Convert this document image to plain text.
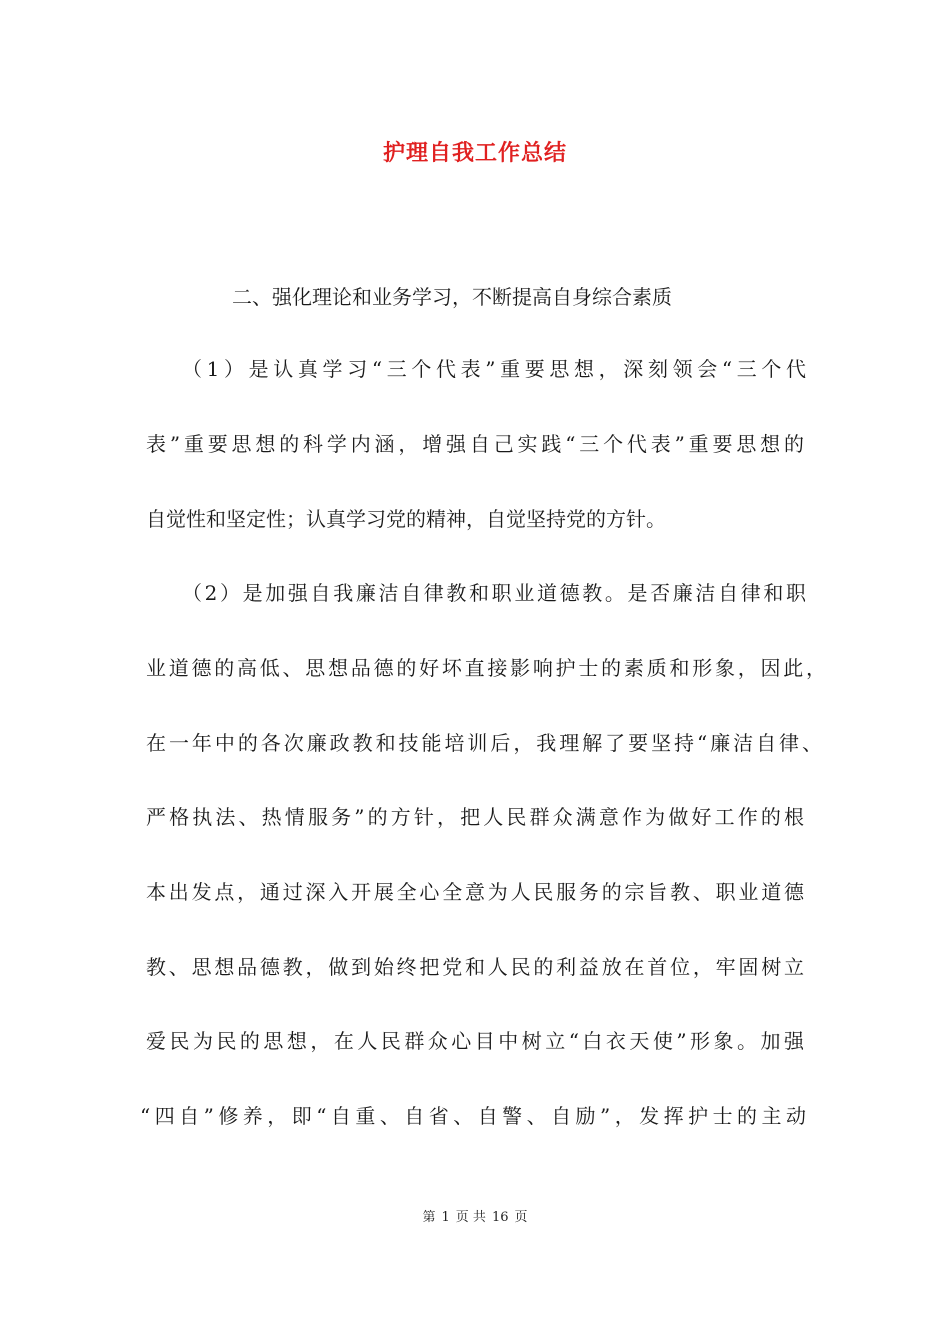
护理自我工作总结
二、强化理论和业务学习，不断提高自身综合素质
（1）是认真学习“三个代表”重要思想，深刻领会“三个代
表”重要思想的科学内涵，增强自己实践“三个代表”重要思想的
自觉性和坚定性；认真学习党的精神，自觉坚持党的方针。
（2）是加强自我廉洁自律教和职业道德教。是否廉洁自律和职
业道德的高低、思想品德的好坏直接影响护士的素质和形象，因此，
在一年中的各次廉政教和技能培训后，我理解了要坚持“廉洁自律、
严格执法、热情服务”的方针，把人民群众满意作为做好工作的根
本出发点，通过深入开展全心全意为人民服务的宗旨教、职业道德
教、思想品德教，做到始终把党和人民的利益放在首位，牢固树立
爱民为民的思想，在人民群众心目中树立“白衣天使”形象。加强
“四自”修养，即“自重、自省、自警、自励”，发挥护士的主动
第 1 页 共 16 页
